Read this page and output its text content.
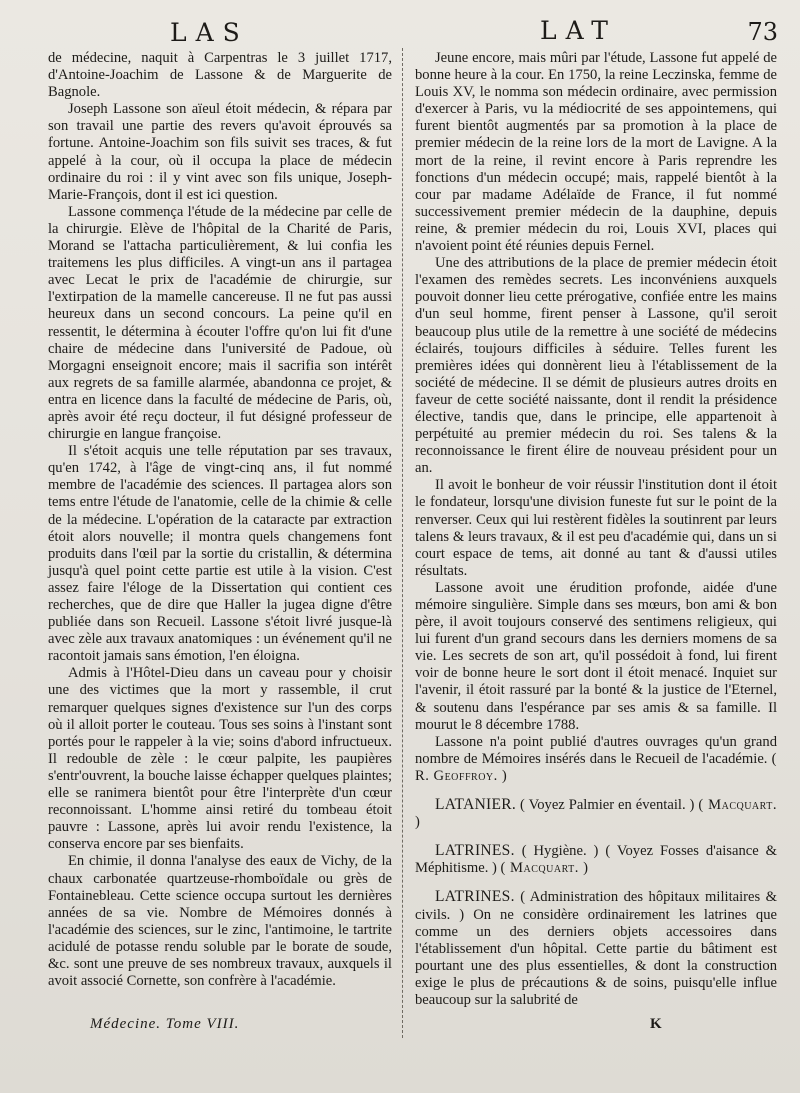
LAS	LAT	73

de médecine, naquit à Carpentras le 3 juillet 1717, d'Antoine-Joachim de Lassone & de Marguerite de Bagnole.

Joseph Lassone son aïeul étoit médecin, & répara par son travail une partie des revers qu'avoit éprouvés sa fortune. Antoine-Joachim son fils suivit ses traces, & fut appelé à la cour, où il occupa la place de médecin ordinaire du roi : il y vint avec son fils unique, Joseph-Marie-François, dont il est ici question.

Lassone commença l'étude de la médecine par celle de la chirurgie. Elève de l'hôpital de la Charité de Paris, Morand se l'attacha particulièrement, & lui confia les traitemens les plus difficiles. A vingt-un ans il partagea avec Lecat le prix de l'académie de chirurgie, sur l'extirpation de la mamelle cancereuse. Il ne fut pas aussi heureux dans un second concours. La peine qu'il en ressentit, le détermina à écouter l'offre qu'on lui fit d'une chaire de médecine dans l'université de Padoue, où Morgagni enseignoit encore; mais il sacrifia son intérêt aux regrets de sa famille alarmée, abandonna ce projet, & entra en licence dans la faculté de médecine de Paris, où, après avoir été reçu docteur, il fut désigné professeur de chirurgie en langue françoise.

Il s'étoit acquis une telle réputation par ses travaux, qu'en 1742, à l'âge de vingt-cinq ans, il fut nommé membre de l'académie des sciences. Il partagea alors son tems entre l'étude de l'anatomie, celle de la chimie & celle de la médecine. L'opération de la cataracte par extraction étoit alors nouvelle; il montra quels changemens font produits dans l'œil par la sortie du cristallin, & détermina jusqu'à quel point cette partie est utile à la vision. C'est assez faire l'éloge de la Dissertation qui contient ces recherches, que de dire que Haller la jugea digne d'être publiée dans son Recueil. Lassone s'étoit livré jusque-là avec zèle aux travaux anatomiques : un événement qu'il ne racontoit jamais sans émotion, l'en éloigna.

Admis à l'Hôtel-Dieu dans un caveau pour y choisir une des victimes que la mort y rassemble, il crut remarquer quelques signes d'existence sur l'un des corps où il alloit porter le couteau. Tous ses soins à l'instant sont portés pour le rappeler à la vie; soins d'abord infructueux. Il redouble de zèle : le cœur palpite, les paupières s'entr'ouvrent, la bouche laisse échapper quelques plaintes; elle se ranimera bientôt pour être l'interprète d'un cœur reconnoissant. L'homme ainsi retiré du tombeau étoit pauvre : Lassone, après lui avoir rendu l'existence, la conserva encore par ses bienfaits.

En chimie, il donna l'analyse des eaux de Vichy, de la chaux carbonatée quartzeuse-rhomboïdale ou grès de Fontainebleau. Cette science occupa surtout les dernières années de sa vie. Nombre de Mémoires donnés à l'académie des sciences, sur le zinc, l'antimoine, le tartrite acidulé de potasse rendu soluble par le borate de soude, &c. sont une preuve de ses nombreux travaux, auxquels il avoit associé Cornette, son confrère à l'académie.

Jeune encore, mais mûri par l'étude, Lassone fut appelé de bonne heure à la cour. En 1750, la reine Leczinska, femme de Louis XV, le nomma son médecin ordinaire, avec permission d'exercer à Paris, vu la médiocrité de ses appointemens, qui furent bientôt augmentés par sa promotion à la place de premier médecin de la reine lors de la mort de Lavigne. A la mort de la reine, il revint encore à Paris reprendre les fonctions d'un médecin occupé; mais, rappelé bientôt à la cour par madame Adélaïde de France, il fut nommé successivement premier médecin de la dauphine, depuis reine, & premier médecin du roi, Louis XVI, places qui n'avoient point été réunies depuis Fernel.

Une des attributions de la place de premier médecin étoit l'examen des remèdes secrets. Les inconvéniens auxquels pouvoit donner lieu cette prérogative, confiée entre les mains d'un seul homme, firent penser à Lassone, qu'il seroit beaucoup plus utile de la remettre à une société de médecins éclairés, toujours difficiles à séduire. Telles furent les premières idées qui donnèrent lieu à l'établissement de la société de médecine. Il se démit de plusieurs autres droits en faveur de cette société naissante, dont il rendit la présidence élective, tandis que, dans le principe, elle appartenoit à perpétuité au premier médecin du roi. Ses talens & la reconnoissance le firent élire de nouveau président pour un an.

Il avoit le bonheur de voir réussir l'institution dont il étoit le fondateur, lorsqu'une division funeste fut sur le point de la renverser. Ceux qui lui restèrent fidèles la soutinrent par leurs talens & leurs travaux, & il est peu d'académie qui, dans un si court espace de tems, ait donné au tant & d'aussi utiles résultats.

Lassone avoit une érudition profonde, aidée d'une mémoire singulière. Simple dans ses mœurs, bon ami & bon père, il avoit toujours conservé des sentimens religieux, qui lui furent d'un grand secours dans les derniers momens de sa vie. Les secrets de son art, qu'il possédoit à fond, lui firent voir de bonne heure le sort dont il étoit menacé. Inquiet sur l'avenir, il étoit rassuré par la bonté & la justice de l'Eternel, & soutenu dans l'espérance par ses amis & sa famille. Il mourut le 8 décembre 1788.

Lassone n'a point publié d'autres ouvrages qu'un grand nombre de Mémoires insérés dans le Recueil de l'académie. ( R. Geoffroy. )

LATANIER. ( Voyez Palmier en éventail. ) ( Macquart. )

LATRINES. ( Hygiène. ) ( Voyez Fosses d'aisance & Méphitisme. ) ( Macquart. )

LATRINES. ( Administration des hôpitaux militaires & civils. ) On ne considère ordinairement les latrines que comme un des derniers objets accessoires dans l'établissement d'un hôpital. Cette partie du bâtiment est pourtant une des plus essentielles, & dont la construction exige le plus de précautions & de soins, puisqu'elle influe beaucoup sur la salubrité de

Médecine. Tome VIII.	K
